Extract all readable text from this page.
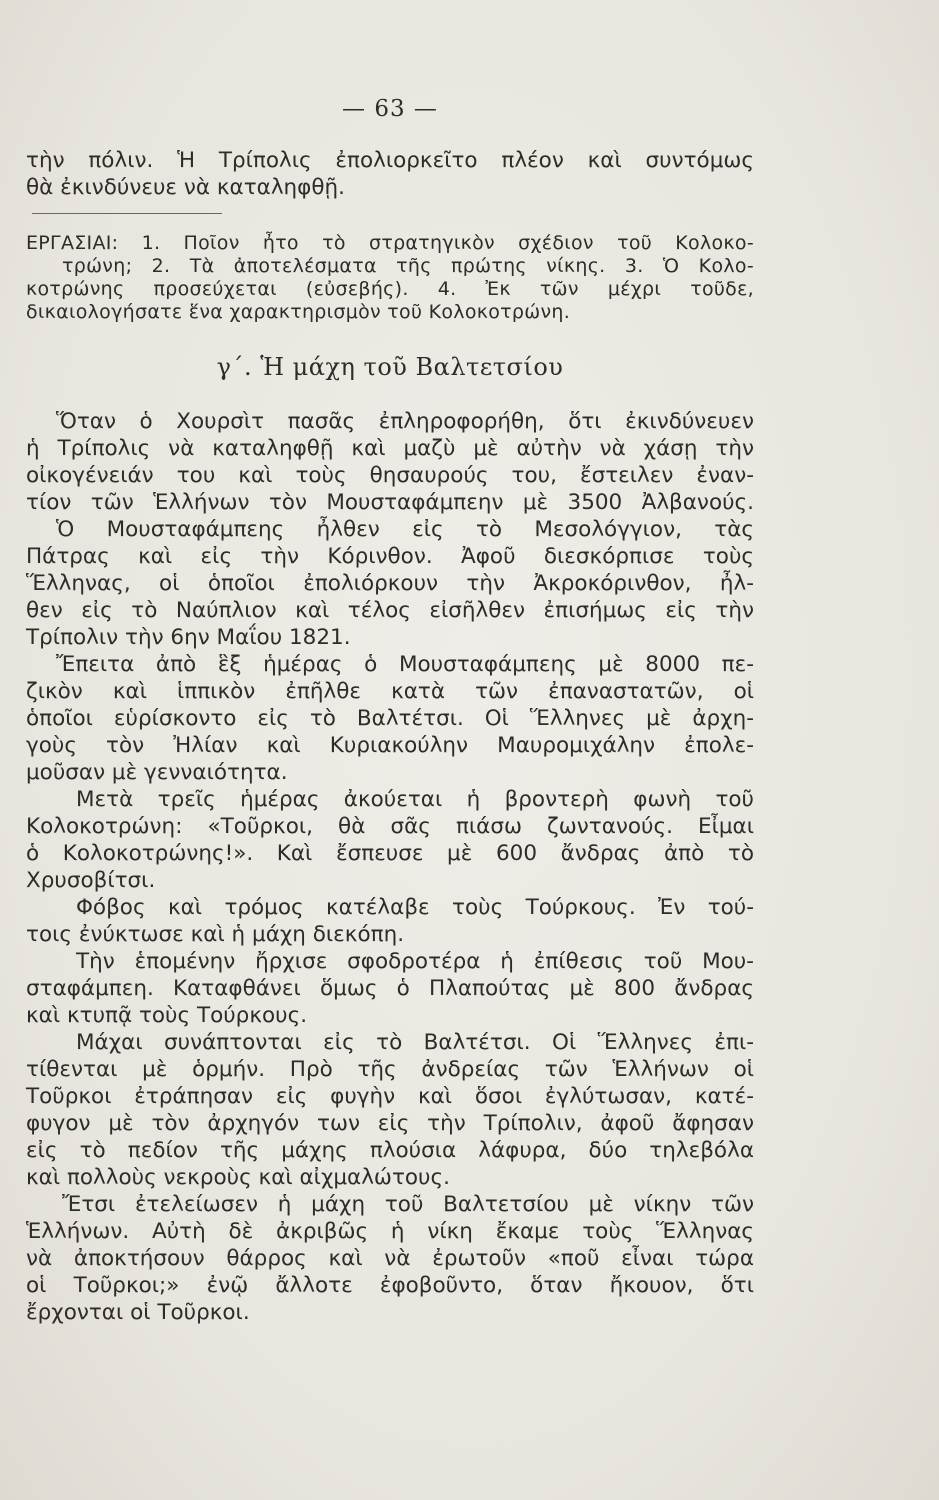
— 63 —
τὴν πόλιν. Ἡ Τρίπολις ἐπολιορκεῖτο πλέον καὶ συντόμως
θὰ ἐκινδύνευε νὰ καταληφθῇ.
ΕΡΓΑΣΙΑΙ: 1. Ποῖον ἦτο τὸ στρατηγικὸν σχέδιον τοῦ Κολοκο-
τρώνη; 2. Τὰ ἀποτελέσματα τῆς πρώτης νίκης. 3. Ὁ Κολο-
κοτρώνης προσεύχεται (εὐσεβής). 4. Ἐκ τῶν μέχρι τοῦδε,
δικαιολογήσατε ἕνα χαρακτηρισμὸν τοῦ Κολοκοτρώνη.
γ΄. Ἡ μάχη τοῦ Βαλτετσίου
Ὅταν ὁ Χουρσὶτ πασᾶς ἐπληροφορήθη, ὅτι ἐκινδύνευεν
ἡ Τρίπολις νὰ καταληφθῇ καὶ μαζὺ μὲ αὐτὴν νὰ χάσῃ τὴν
οἰκογένειάν του καὶ τοὺς θησαυρούς του, ἔστειλεν ἐναν-
τίον τῶν Ἑλλήνων τὸν Μουσταφάμπεην μὲ 3500 Ἀλβανούς.
Ὁ Μουσταφάμπεης ἦλθεν εἰς τὸ Μεσολόγγιον, τὰς
Πάτρας καὶ εἰς τὴν Κόρινθον. Ἀφοῦ διεσκόρπισε τοὺς
Ἕλληνας, οἱ ὁποῖοι ἐπολιόρκουν τὴν Ἀκροκόρινθον, ἦλ-
θεν εἰς τὸ Ναύπλιον καὶ τέλος εἰσῆλθεν ἐπισήμως εἰς τὴν
Τρίπολιν τὴν 6ην Μαΐου 1821.
Ἔπειτα ἀπὸ ἓξ ἡμέρας ὁ Μουσταφάμπεης μὲ 8000 πε-
ζικὸν καὶ ἱππικὸν ἐπῆλθε κατὰ τῶν ἐπαναστατῶν, οἱ
ὁποῖοι εὑρίσκοντο εἰς τὸ Βαλτέτσι. Οἱ Ἕλληνες μὲ ἀρχη-
γοὺς τὸν Ἠλίαν καὶ Κυριακούλην Μαυρομιχάλην ἐπολε-
μοῦσαν μὲ γενναιότητα.
Μετὰ τρεῖς ἡμέρας ἀκούεται ἡ βροντερὴ φωνὴ τοῦ
Κολοκοτρώνη: «Τοῦρκοι, θὰ σᾶς πιάσω ζωντανούς. Εἶμαι
ὁ Κολοκοτρώνης!». Καὶ ἔσπευσε μὲ 600 ἄνδρας ἀπὸ τὸ
Χρυσοβίτσι.
Φόβος καὶ τρόμος κατέλαβε τοὺς Τούρκους. Ἐν τού-
τοις ἐνύκτωσε καὶ ἡ μάχη διεκόπη.
Τὴν ἑπομένην ἤρχισε σφοδροτέρα ἡ ἐπίθεσις τοῦ Μου-
σταφάμπεη. Καταφθάνει ὅμως ὁ Πλαπούτας μὲ 800 ἄνδρας
καὶ κτυπᾷ τοὺς Τούρκους.
Μάχαι συνάπτονται εἰς τὸ Βαλτέτσι. Οἱ Ἕλληνες ἐπι-
τίθενται μὲ ὁρμήν. Πρὸ τῆς ἀνδρείας τῶν Ἑλλήνων οἱ
Τοῦρκοι ἐτράπησαν εἰς φυγὴν καὶ ὅσοι ἐγλύτωσαν, κατέ-
φυγον μὲ τὸν ἀρχηγόν των εἰς τὴν Τρίπολιν, ἀφοῦ ἄφησαν
εἰς τὸ πεδίον τῆς μάχης πλούσια λάφυρα, δύο τηλεβόλα
καὶ πολλοὺς νεκροὺς καὶ αἰχμαλώτους.
Ἔτσι ἐτελείωσεν ἡ μάχη τοῦ Βαλτετσίου μὲ νίκην τῶν
Ἑλλήνων. Αὐτὴ δὲ ἀκριβῶς ἡ νίκη ἔκαμε τοὺς Ἕλληνας
νὰ ἀποκτήσουν θάρρος καὶ νὰ ἐρωτοῦν «ποῦ εἶναι τώρα
οἱ Τοῦρκοι;» ἐνῷ ἄλλοτε ἐφοβοῦντο, ὅταν ἤκουον, ὅτι
ἔρχονται οἱ Τοῦρκοι.
